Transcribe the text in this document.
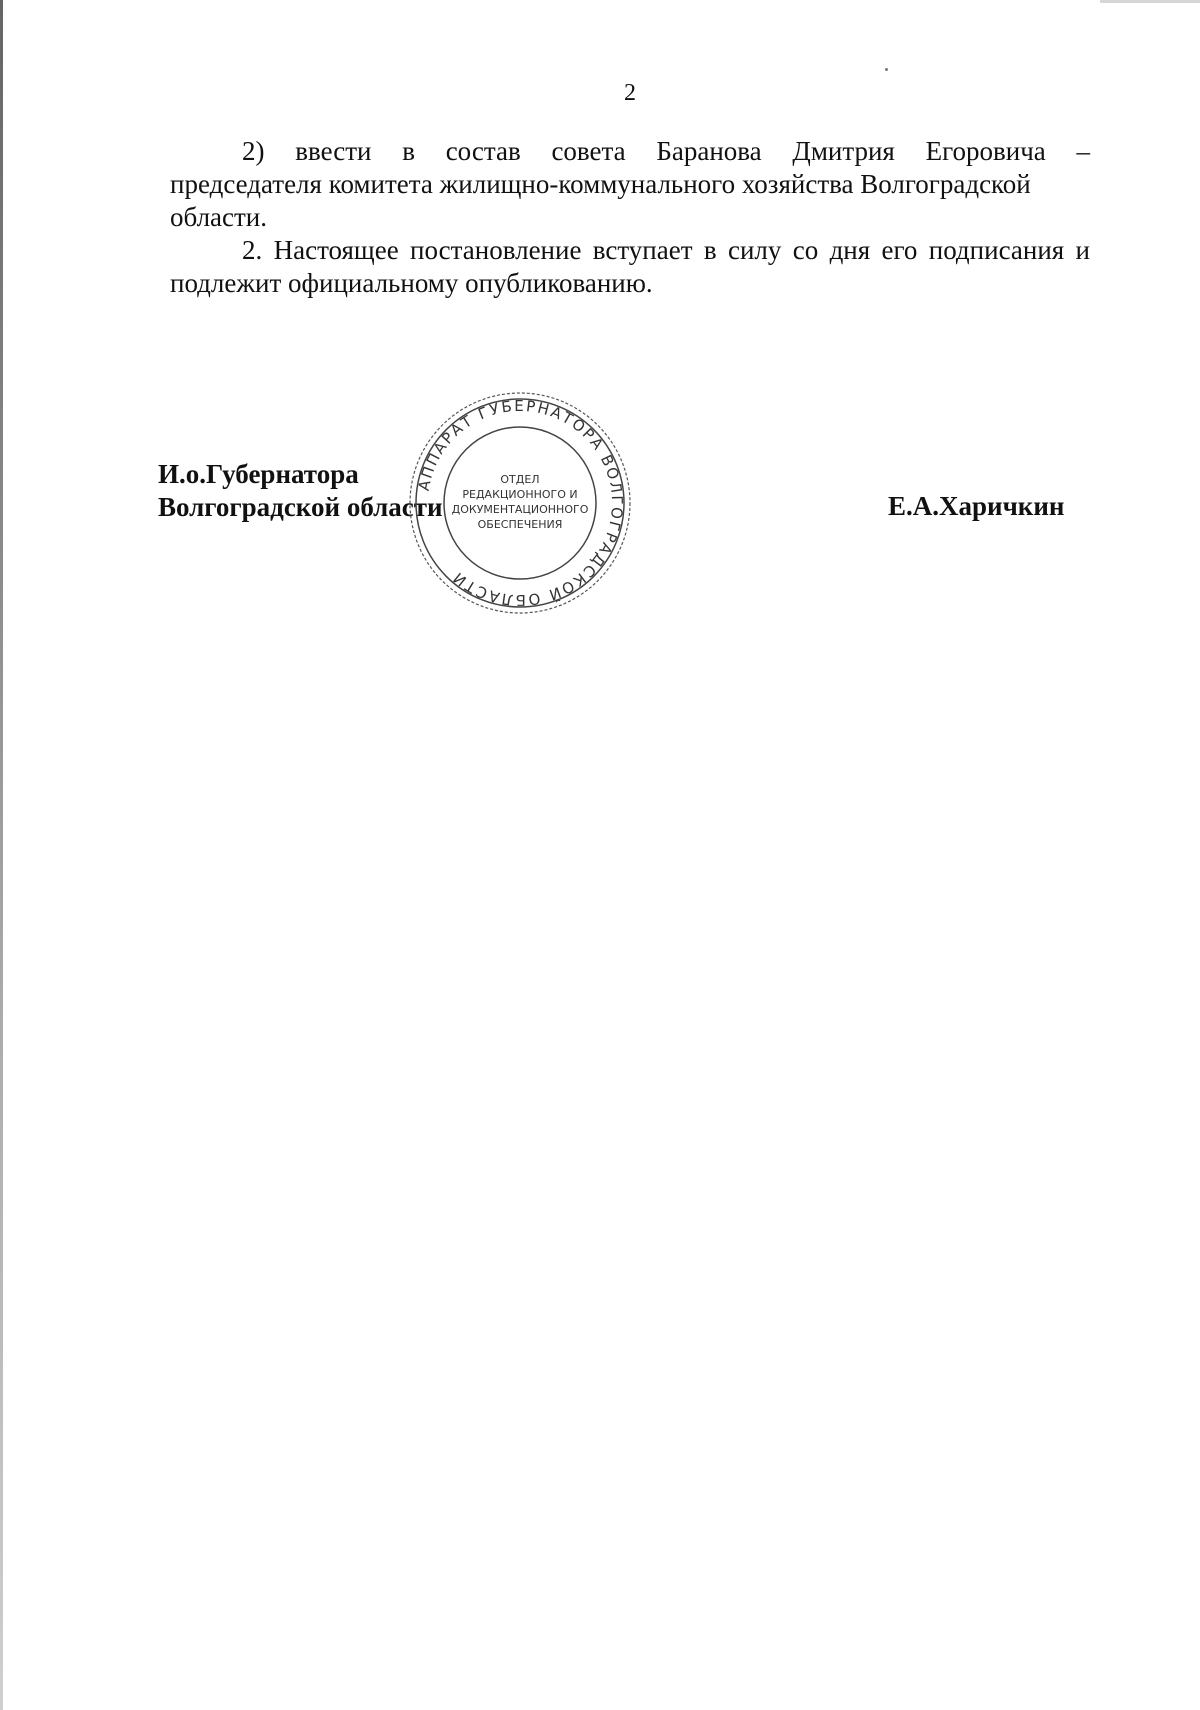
2
2) ввести в состав совета Баранова Дмитрия Егоровича –
председателя комитета жилищно-коммунального хозяйства Волгоградской области.

2. Настоящее постановление вступает в силу со дня его подписания и подлежит официальному опубликованию.

И.о.Губернатора
Волгоградской области	Е.А.Харичкин
АППАРАТ ГУБЕРНАТОРА ВОЛГОГРАДСКОЙ ОБЛАСТИ
ОТДЕЛ
РЕДАКЦИОННОГО И
ДОКУМЕНТАЦИОННОГО
ОБЕСПЕЧЕНИЯ
